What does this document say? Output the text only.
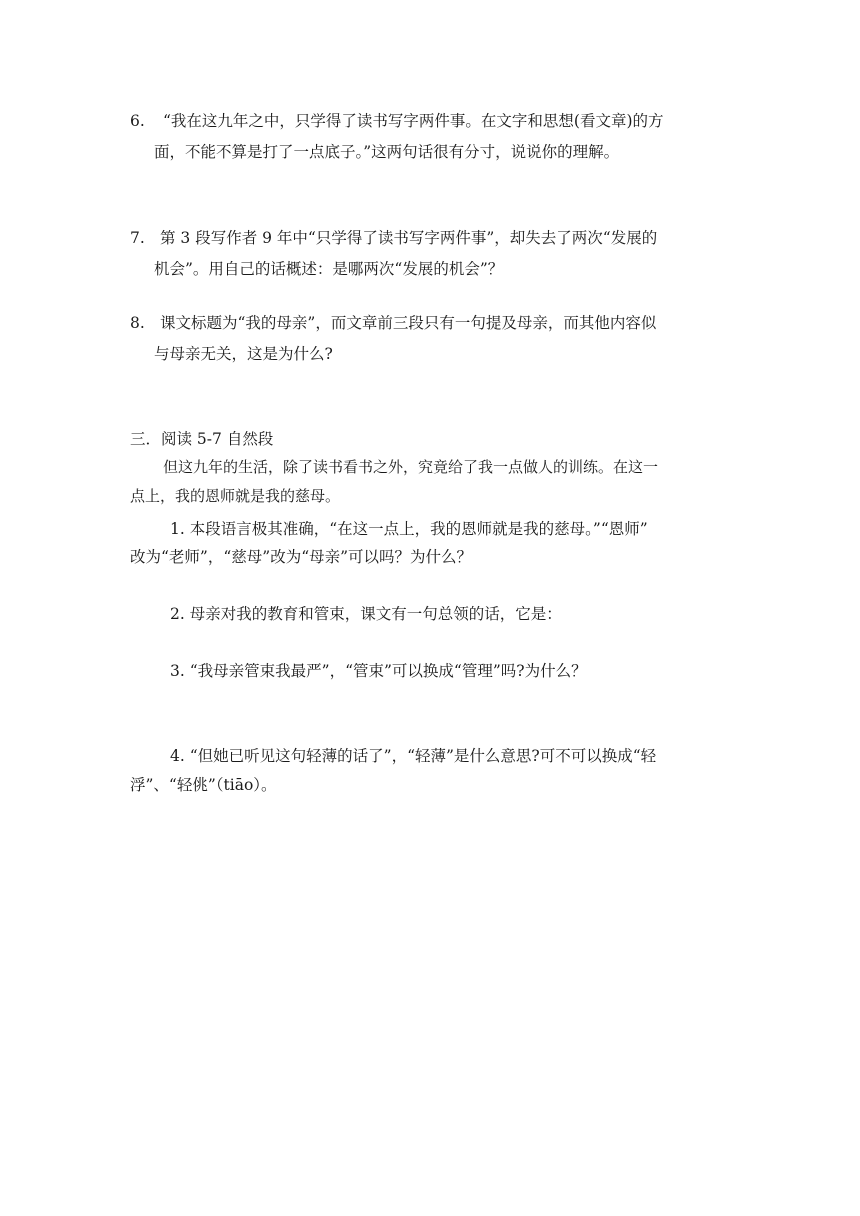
6. “我在这九年之中，只学得了读书写字两件事。在文字和思想(看文章)的方
面，不能不算是打了一点底子。”这两句话很有分寸，说说你的理解。
7. 第 3 段写作者 9 年中“只学得了读书写字两件事”，却失去了两次“发展的
机会”。用自己的话概述：是哪两次“发展的机会”？
8. 课文标题为“我的母亲”，而文章前三段只有一句提及母亲，而其他内容似
与母亲无关，这是为什么?
三．阅读 5-7 自然段
但这九年的生活，除了读书看书之外，究竟给了我一点做人的训练。在这一
点上，我的恩师就是我的慈母。
1. 本段语言极其准确，“在这一点上，我的恩师就是我的慈母。”“恩师”
改为“老师”，“慈母”改为“母亲”可以吗？为什么？
2. 母亲对我的教育和管束，课文有一句总领的话，它是：
3. “我母亲管束我最严”，“管束”可以换成“管理”吗?为什么？
4. “但她已听见这句轻薄的话了”，“轻薄”是什么意思?可不可以换成“轻
浮”、“轻佻”（tiāo）。
